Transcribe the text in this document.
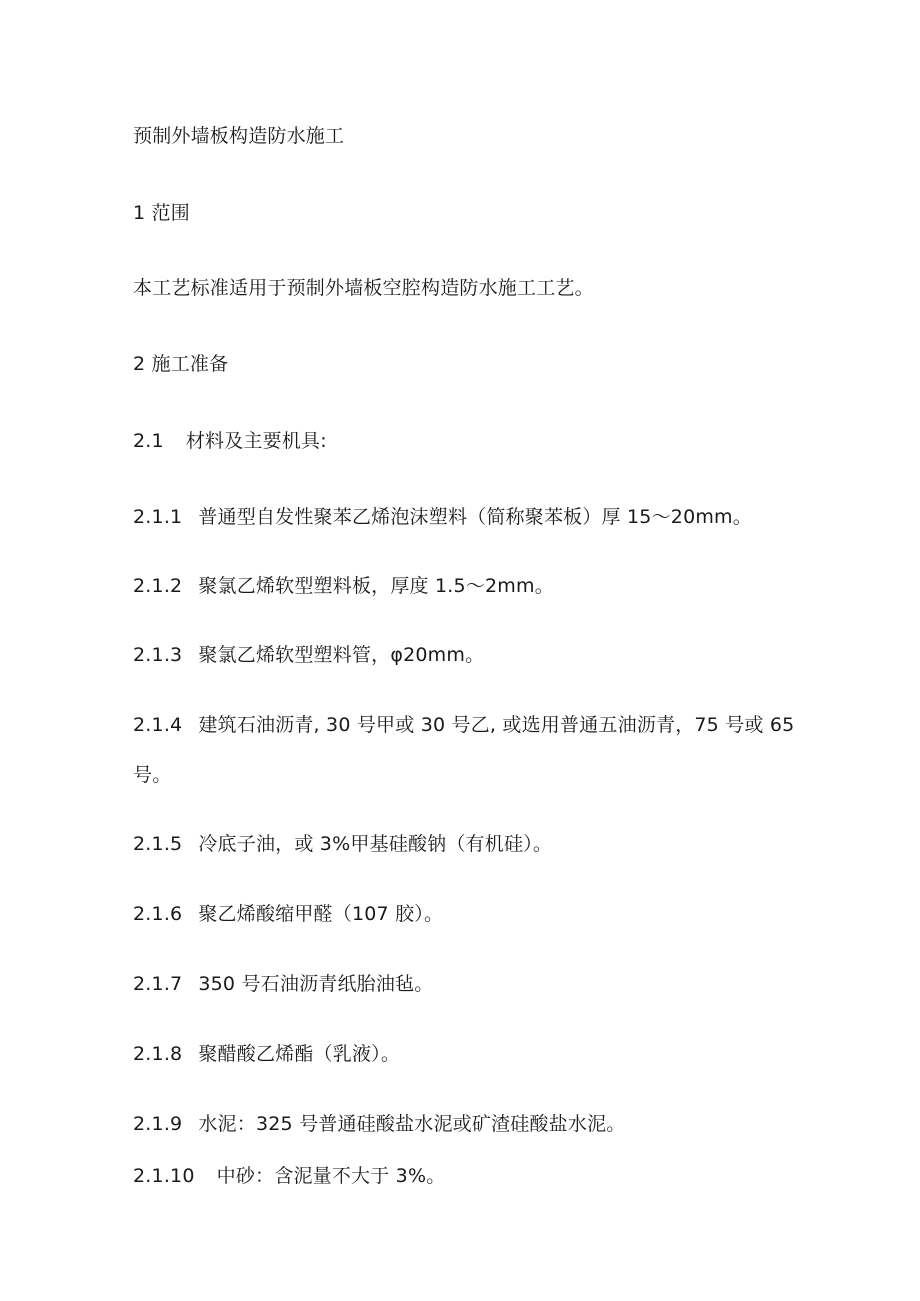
预制外墙板构造防水施工
1 范围
本工艺标准适用于预制外墙板空腔构造防水施工工艺。
2 施工准备
2.1 材料及主要机具:
2.1.1 普通型自发性聚苯乙烯泡沫塑料（简称聚苯板）厚 15～20mm。
2.1.2 聚氯乙烯软型塑料板，厚度 1.5～2mm。
2.1.3 聚氯乙烯软型塑料管，φ20mm。
2.1.4 建筑石油沥青, 30 号甲或 30 号乙, 或选用普通五油沥青，75 号或 65 号。
2.1.5 冷底子油，或 3%甲基硅酸钠（有机硅）。
2.1.6 聚乙烯酸缩甲醛（107 胶）。
2.1.7 350 号石油沥青纸胎油毡。
2.1.8 聚醋酸乙烯酯（乳液）。
2.1.9 水泥：325 号普通硅酸盐水泥或矿渣硅酸盐水泥。
2.1.10 中砂：含泥量不大于 3%。
